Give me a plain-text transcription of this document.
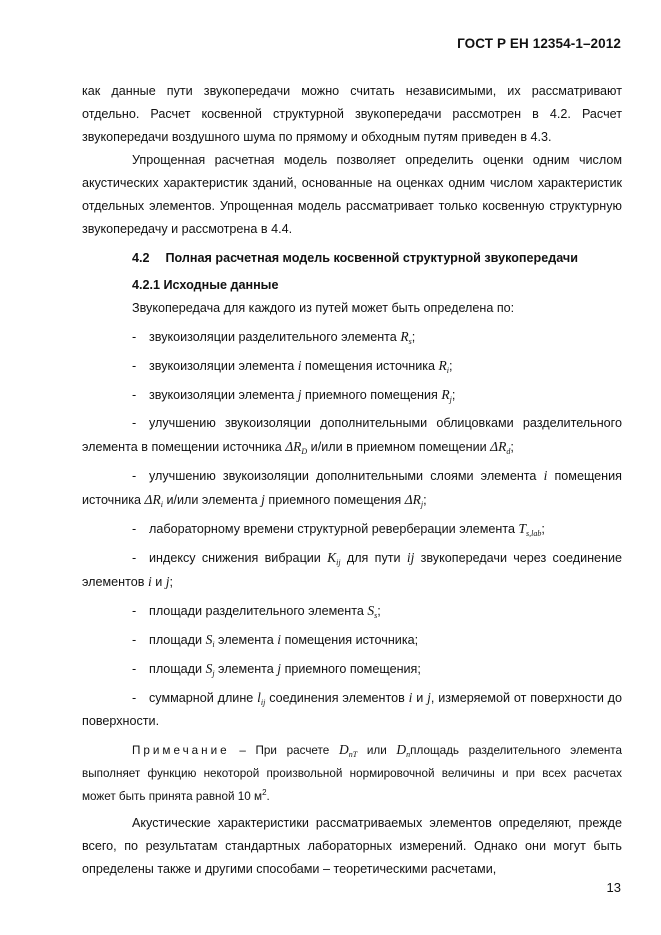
ГОСТ Р ЕН 12354-1–2012

как данные пути звукопередачи можно считать независимыми, их рассматривают отдельно. Расчет косвенной структурной звукопередачи рассмотрен в 4.2. Расчет звукопередачи воздушного шума по прямому и обходным путям приведен в 4.3.

Упрощенная расчетная модель позволяет определить оценки одним числом акустических характеристик зданий, основанные на оценках одним числом характеристик отдельных элементов. Упрощенная модель рассматривает только косвенную структурную звукопередачу и рассмотрена в 4.4.

4.2 Полная расчетная модель косвенной структурной звукопередачи
4.2.1 Исходные данные

Звукопередача для каждого из путей может быть определена по:

- звукоизоляции разделительного элемента $R_s$;
- звукоизоляции элемента i помещения источника $R_i$;
- звукоизоляции элемента j приемного помещения $R_j$;
- улучшению звукоизоляции дополнительными облицовками разделительного элемента в помещении источника $\Delta R_D$ и/или в приемном помещении $\Delta R_d$;
- улучшению звукоизоляции дополнительными слоями элемента i помещения источника $\Delta R_i$ и/или элемента j приемного помещения $\Delta R_j$;
- лабораторному времени структурной реверберации элемента $T_{s,lab}$;
- индексу снижения вибрации $K_{ij}$ для пути ij звукопередачи через соединение элементов i и j;
- площади разделительного элемента $S_s$;
- площади $S_i$ элемента i помещения источника;
- площади $S_j$ элемента j приемного помещения;
- суммарной длине $l_{ij}$ соединения элементов i и j, измеряемой от поверхности до поверхности.

Примечание – При расчете $D_{nT}$ или $D_nплощадь$ разделительного элемента выполняет функцию некоторой произвольной нормировочной величины и при всех расчетах может быть принята равной 10 $м^2$.

Акустические характеристики рассматриваемых элементов определяют, прежде всего, по результатам стандартных лабораторных измерений. Однако они могут быть определены также и другими способами – теоретическими расчетами,

13
